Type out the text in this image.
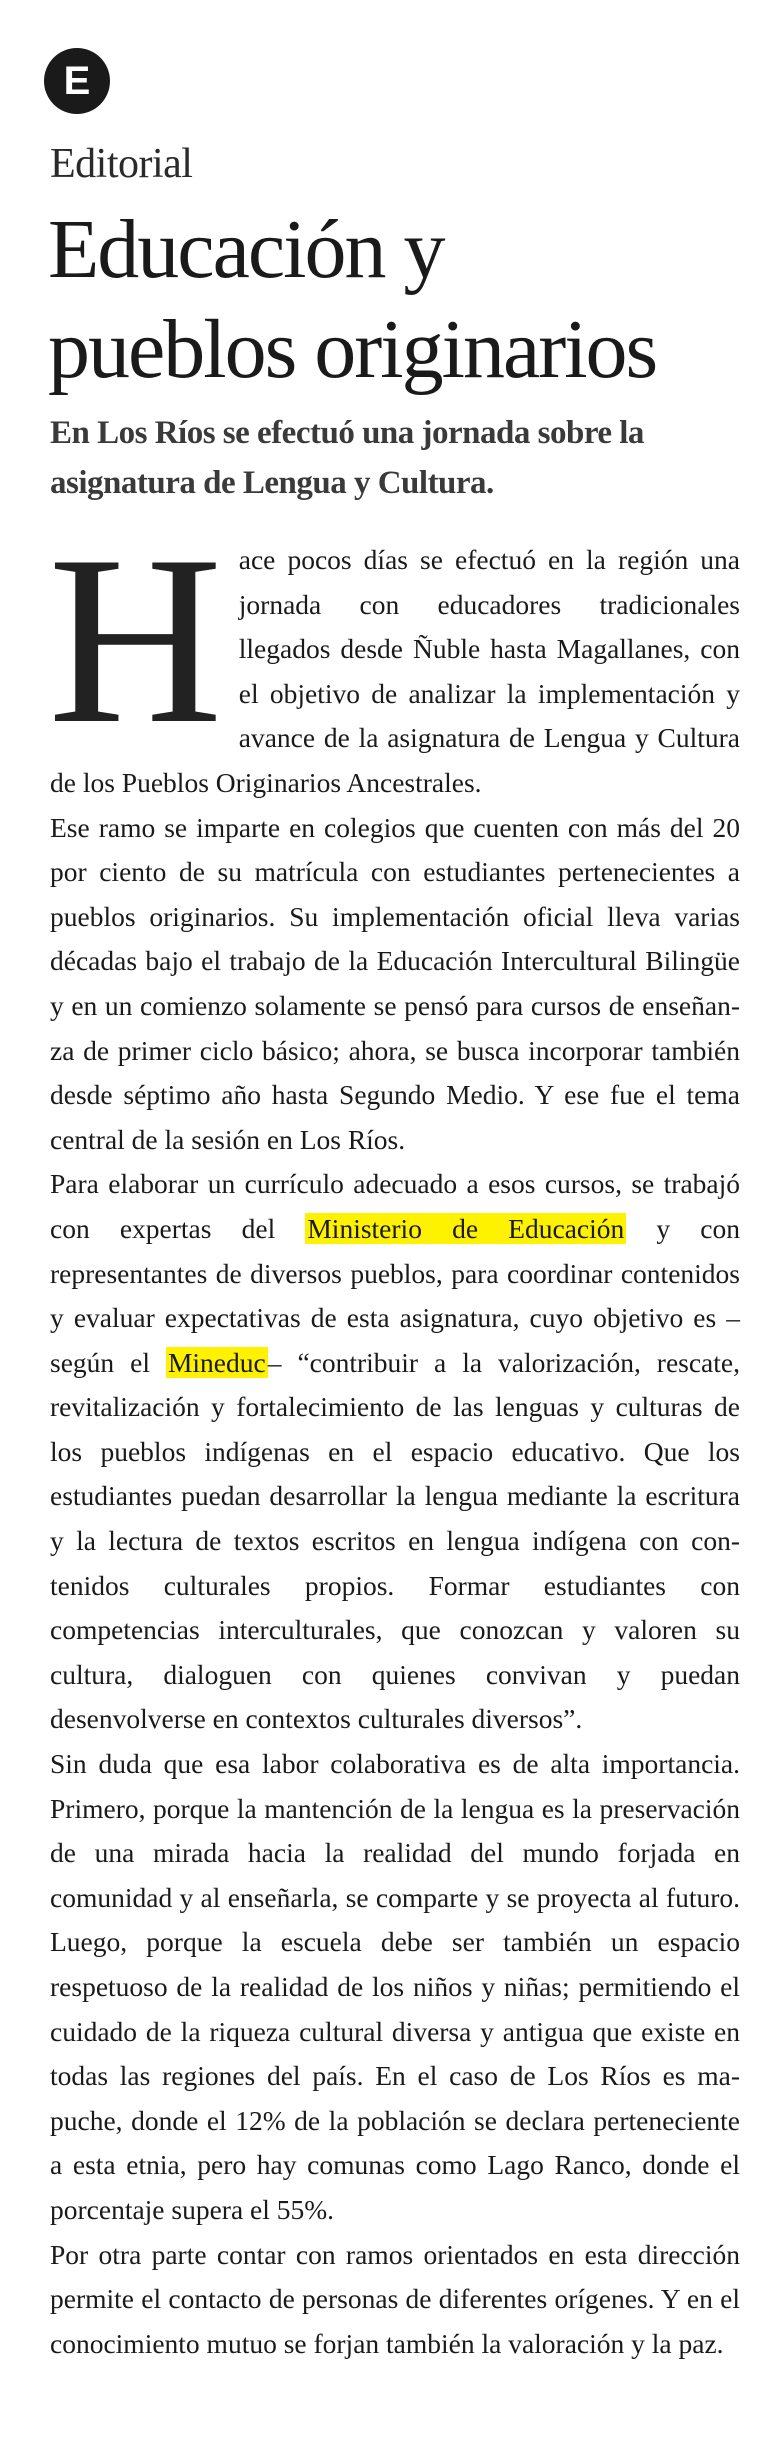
E
Editorial
Educación y
pueblos originarios
En Los Ríos se efectuó una jornada sobre la asignatura de Lengua y Cultura.

Hace pocos días se efectuó en la región una jornada con educadores tradicionales llegados desde Ñuble hasta Magallanes, con el objetivo de analizar la implementación y avance de la asignatura de Lengua y Cultura de los Pueblos Originarios Ancestrales.

Ese ramo se imparte en colegios que cuenten con más del 20 por ciento de su matrícula con estudiantes pertenecientes a pueblos originarios. Su implementación oficial lleva varias décadas bajo el trabajo de la Educación Intercultural Bilingüe y en un comienzo solamente se pensó para cursos de enseñanza de primer ciclo básico; ahora, se busca incorporar también desde séptimo año hasta Segundo Medio. Y ese fue el tema central de la sesión en Los Ríos.

Para elaborar un currículo adecuado a esos cursos, se trabajó con expertas del Ministerio de Educación y con representantes de diversos pueblos, para coordinar contenidos y evaluar expectativas de esta asignatura, cuyo objetivo es –según el Mineduc– “contribuir a la valorización, rescate, revitalización y fortalecimiento de las lenguas y culturas de los pueblos indígenas en el espacio educativo. Que los estudiantes puedan desarrollar la lengua mediante la escritura y la lectura de textos escritos en lengua indígena con contenidos culturales propios. Formar estudiantes con competencias interculturales, que conozcan y valoren su cultura, dialoguen con quienes convivan y puedan desenvolverse en contextos culturales diversos”.

Sin duda que esa labor colaborativa es de alta importancia. Primero, porque la mantención de la lengua es la preservación de una mirada hacia la realidad del mundo forjada en comunidad y al enseñarla, se comparte y se proyecta al futuro. Luego, porque la escuela debe ser también un espacio respetuoso de la realidad de los niños y niñas; permitiendo el cuidado de la riqueza cultural diversa y antigua que existe en todas las regiones del país. En el caso de Los Ríos es mapuche, donde el 12% de la población se declara perteneciente a esta etnia, pero hay comunas como Lago Ranco, donde el porcentaje supera el 55%.

Por otra parte contar con ramos orientados en esta dirección permite el contacto de personas de diferentes orígenes. Y en el conocimiento mutuo se forjan también la valoración y la paz.
